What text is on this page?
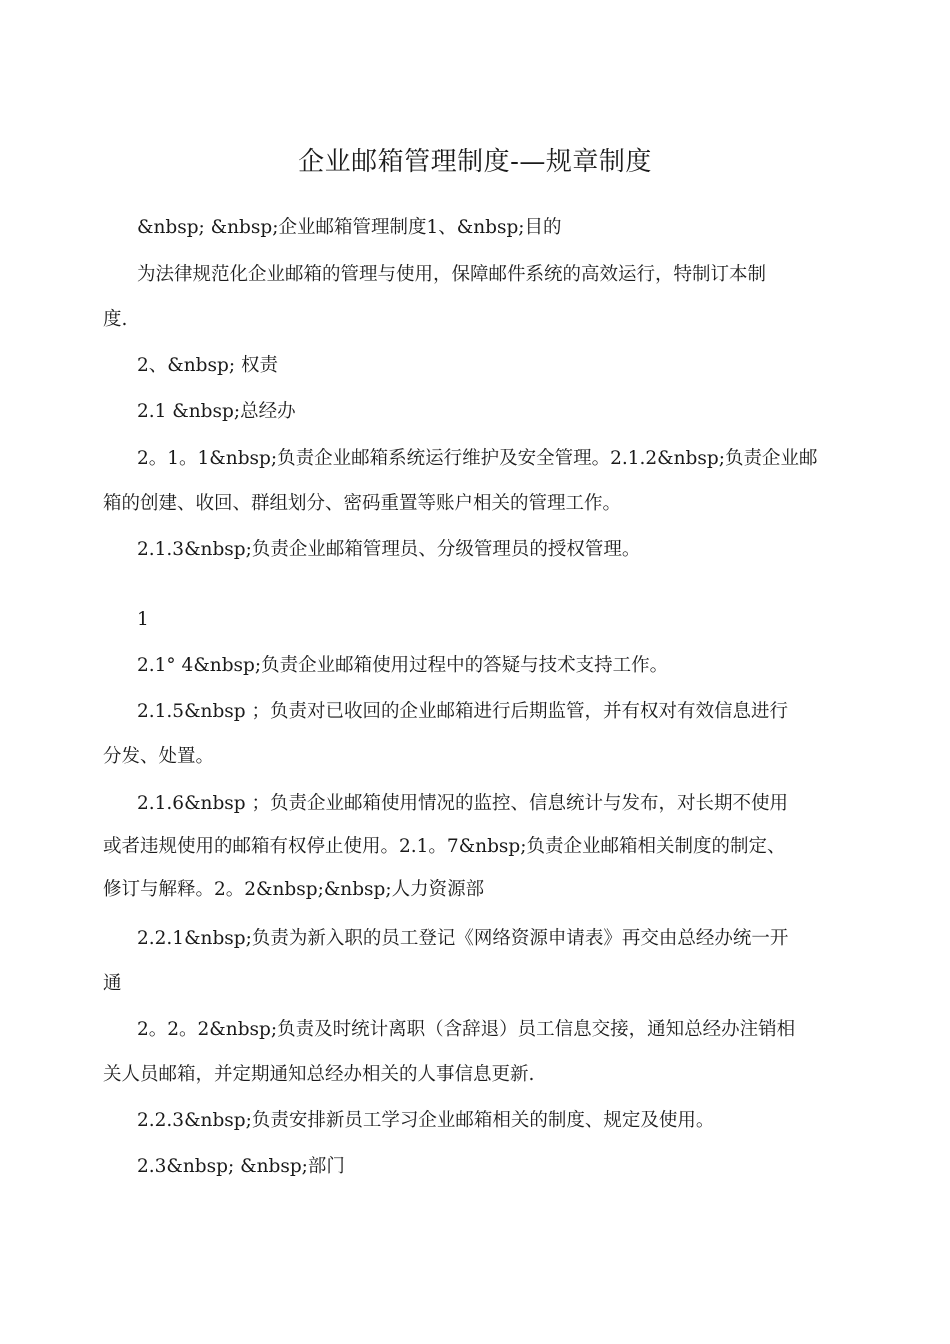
企业邮箱管理制度-—规章制度
&nbsp; &nbsp;企业邮箱管理制度1、&nbsp;目的
为法律规范化企业邮箱的管理与使用，保障邮件系统的高效运行，特制订本制
度.
2、&nbsp; 权责
2.1 &nbsp;总经办
2。1。1&nbsp;负责企业邮箱系统运行维护及安全管理。2.1.2&nbsp;负责企业邮
箱的创建、收回、群组划分、密码重置等账户相关的管理工作。
2.1.3&nbsp;负责企业邮箱管理员、分级管理员的授权管理。
1
2.1° 4&nbsp;负责企业邮箱使用过程中的答疑与技术支持工作。
2.1.5&nbsp ；负责对已收回的企业邮箱进行后期监管，并有权对有效信息进行
分发、处置。
2.1.6&nbsp ；负责企业邮箱使用情况的监控、信息统计与发布，对长期不使用
或者违规使用的邮箱有权停止使用。2.1。7&nbsp;负责企业邮箱相关制度的制定、
修订与解释。2。2&nbsp;&nbsp;人力资源部
2.2.1&nbsp;负责为新入职的员工登记《网络资源申请表》再交由总经办统一开
通
2。2。2&nbsp;负责及时统计离职（含辞退）员工信息交接，通知总经办注销相
关人员邮箱，并定期通知总经办相关的人事信息更新.
2.2.3&nbsp;负责安排新员工学习企业邮箱相关的制度、规定及使用。
2.3&nbsp; &nbsp;部门
